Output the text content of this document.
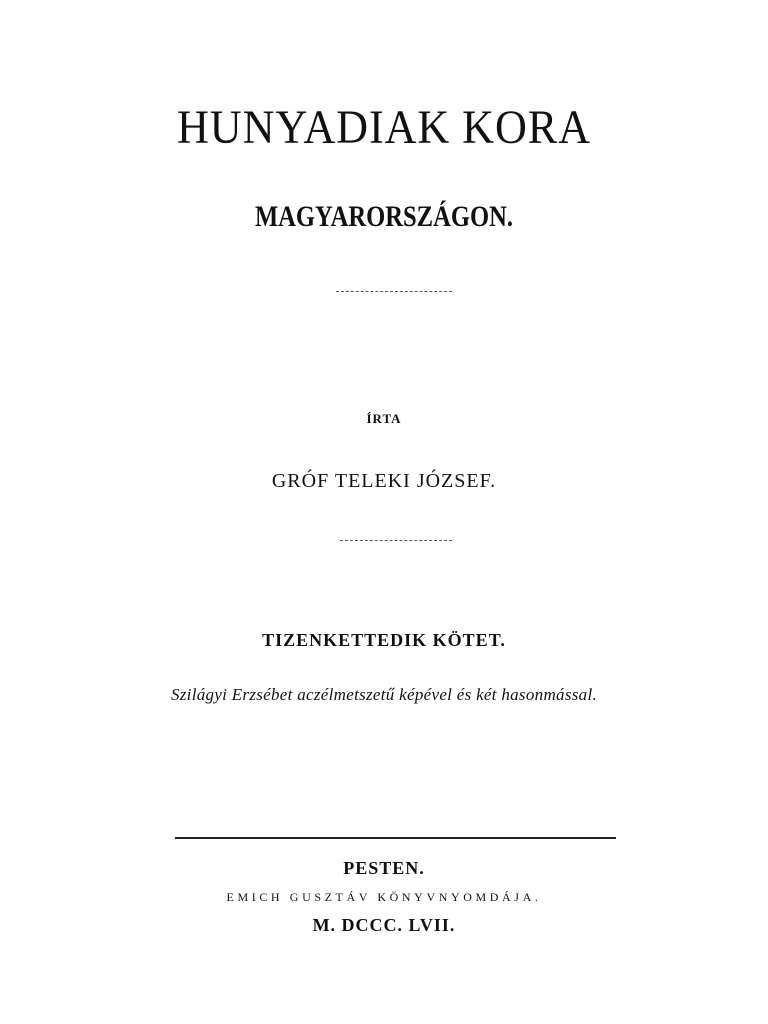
HUNYADIAK KORA
MAGYARORSZÁGON.
ÍRTA
GRÓF TELEKI JÓZSEF.
TIZENKETTEDIK KÖTET.
Szilágyi Erzsébet aczélmetszetű képével és két hasonmással.
PESTEN.
EMICH GUSZTÁV KÖNYVNYOMDÁJA.
M. DCCC. LVII.
